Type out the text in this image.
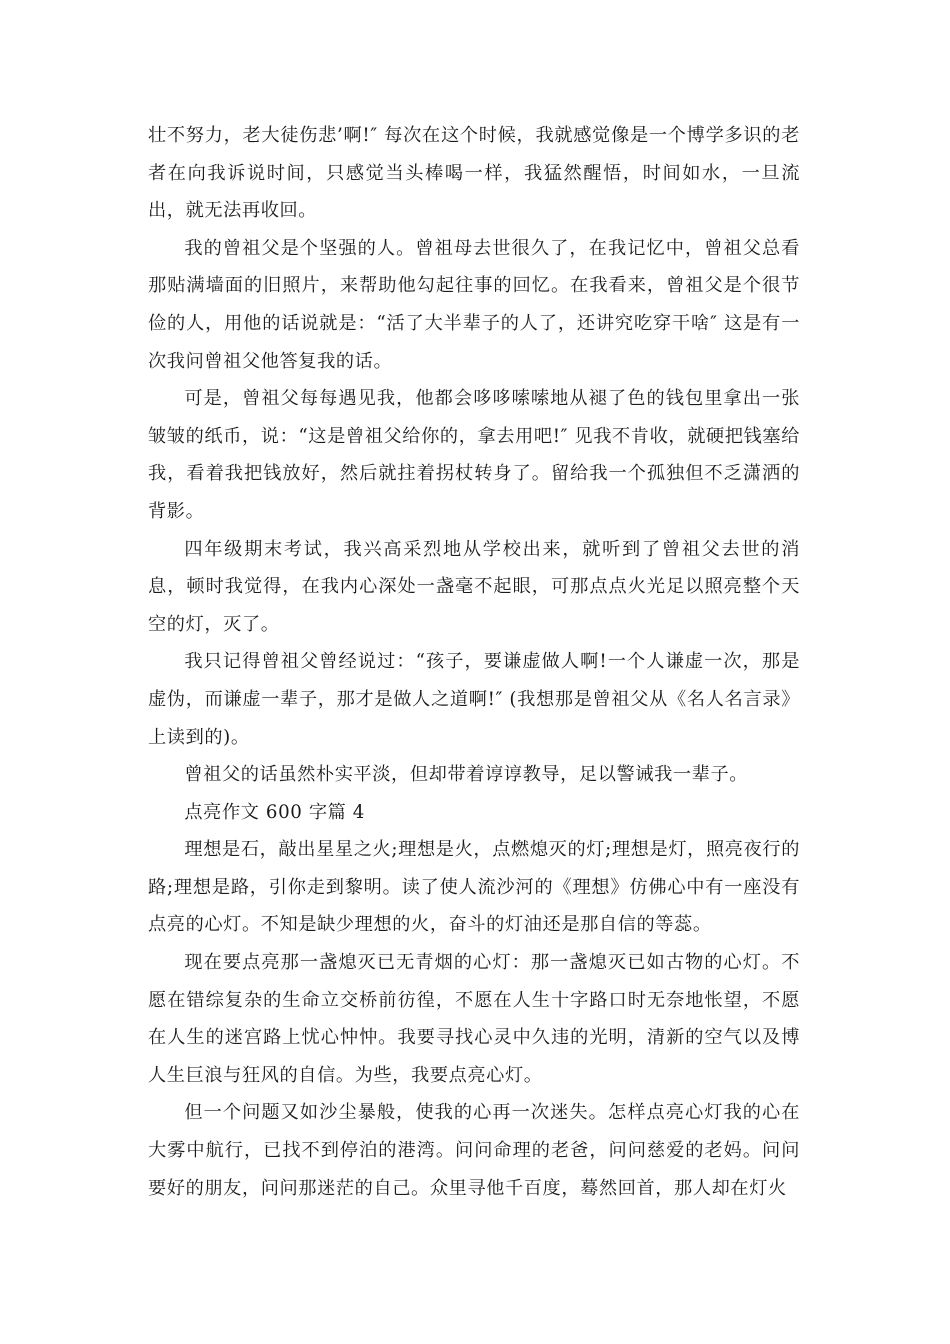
壮不努力，老大徒伤悲’啊!″ 每次在这个时候，我就感觉像是一个博学多识的老者在向我诉说时间，只感觉当头棒喝一样，我猛然醒悟，时间如水，一旦流出，就无法再收回。

我的曾祖父是个坚强的人。曾祖母去世很久了，在我记忆中，曾祖父总看那贴满墙面的旧照片，来帮助他勾起往事的回忆。在我看来，曾祖父是个很节俭的人，用他的话说就是：“活了大半辈子的人了，还讲究吃穿干啥″ 这是有一次我问曾祖父他答复我的话。

可是，曾祖父每每遇见我，他都会哆哆嗦嗦地从褪了色的钱包里拿出一张皱皱的纸币，说：“这是曾祖父给你的，拿去用吧!″ 见我不肯收，就硬把钱塞给我，看着我把钱放好，然后就拄着拐杖转身了。留给我一个孤独但不乏潇洒的背影。

四年级期末考试，我兴高采烈地从学校出来，就听到了曾祖父去世的消息，顿时我觉得，在我内心深处一盏毫不起眼，可那点点火光足以照亮整个天空的灯，灭了。

我只记得曾祖父曾经说过：“孩子，要谦虚做人啊!一个人谦虚一次，那是虚伪，而谦虚一辈子，那才是做人之道啊!″ (我想那是曾祖父从《名人名言录》上读到的)。

曾祖父的话虽然朴实平淡，但却带着谆谆教导，足以警诫我一辈子。

点亮作文 600 字篇 4

理想是石，敲出星星之火;理想是火，点燃熄灭的灯;理想是灯，照亮夜行的路;理想是路，引你走到黎明。读了使人流沙河的《理想》仿佛心中有一座没有点亮的心灯。不知是缺少理想的火，奋斗的灯油还是那自信的等蕊。

现在要点亮那一盏熄灭已无青烟的心灯：那一盏熄灭已如古物的心灯。不愿在错综复杂的生命立交桥前彷徨，不愿在人生十字路口时无奈地怅望，不愿在人生的迷宫路上忧心忡忡。我要寻找心灵中久违的光明，清新的空气以及博人生巨浪与狂风的自信。为些，我要点亮心灯。

但一个问题又如沙尘暴般，使我的心再一次迷失。怎样点亮心灯我的心在大雾中航行，已找不到停泊的港湾。问问命理的老爸，问问慈爱的老妈。问问要好的朋友，问问那迷茫的自己。众里寻他千百度，蓦然回首，那人却在灯火
